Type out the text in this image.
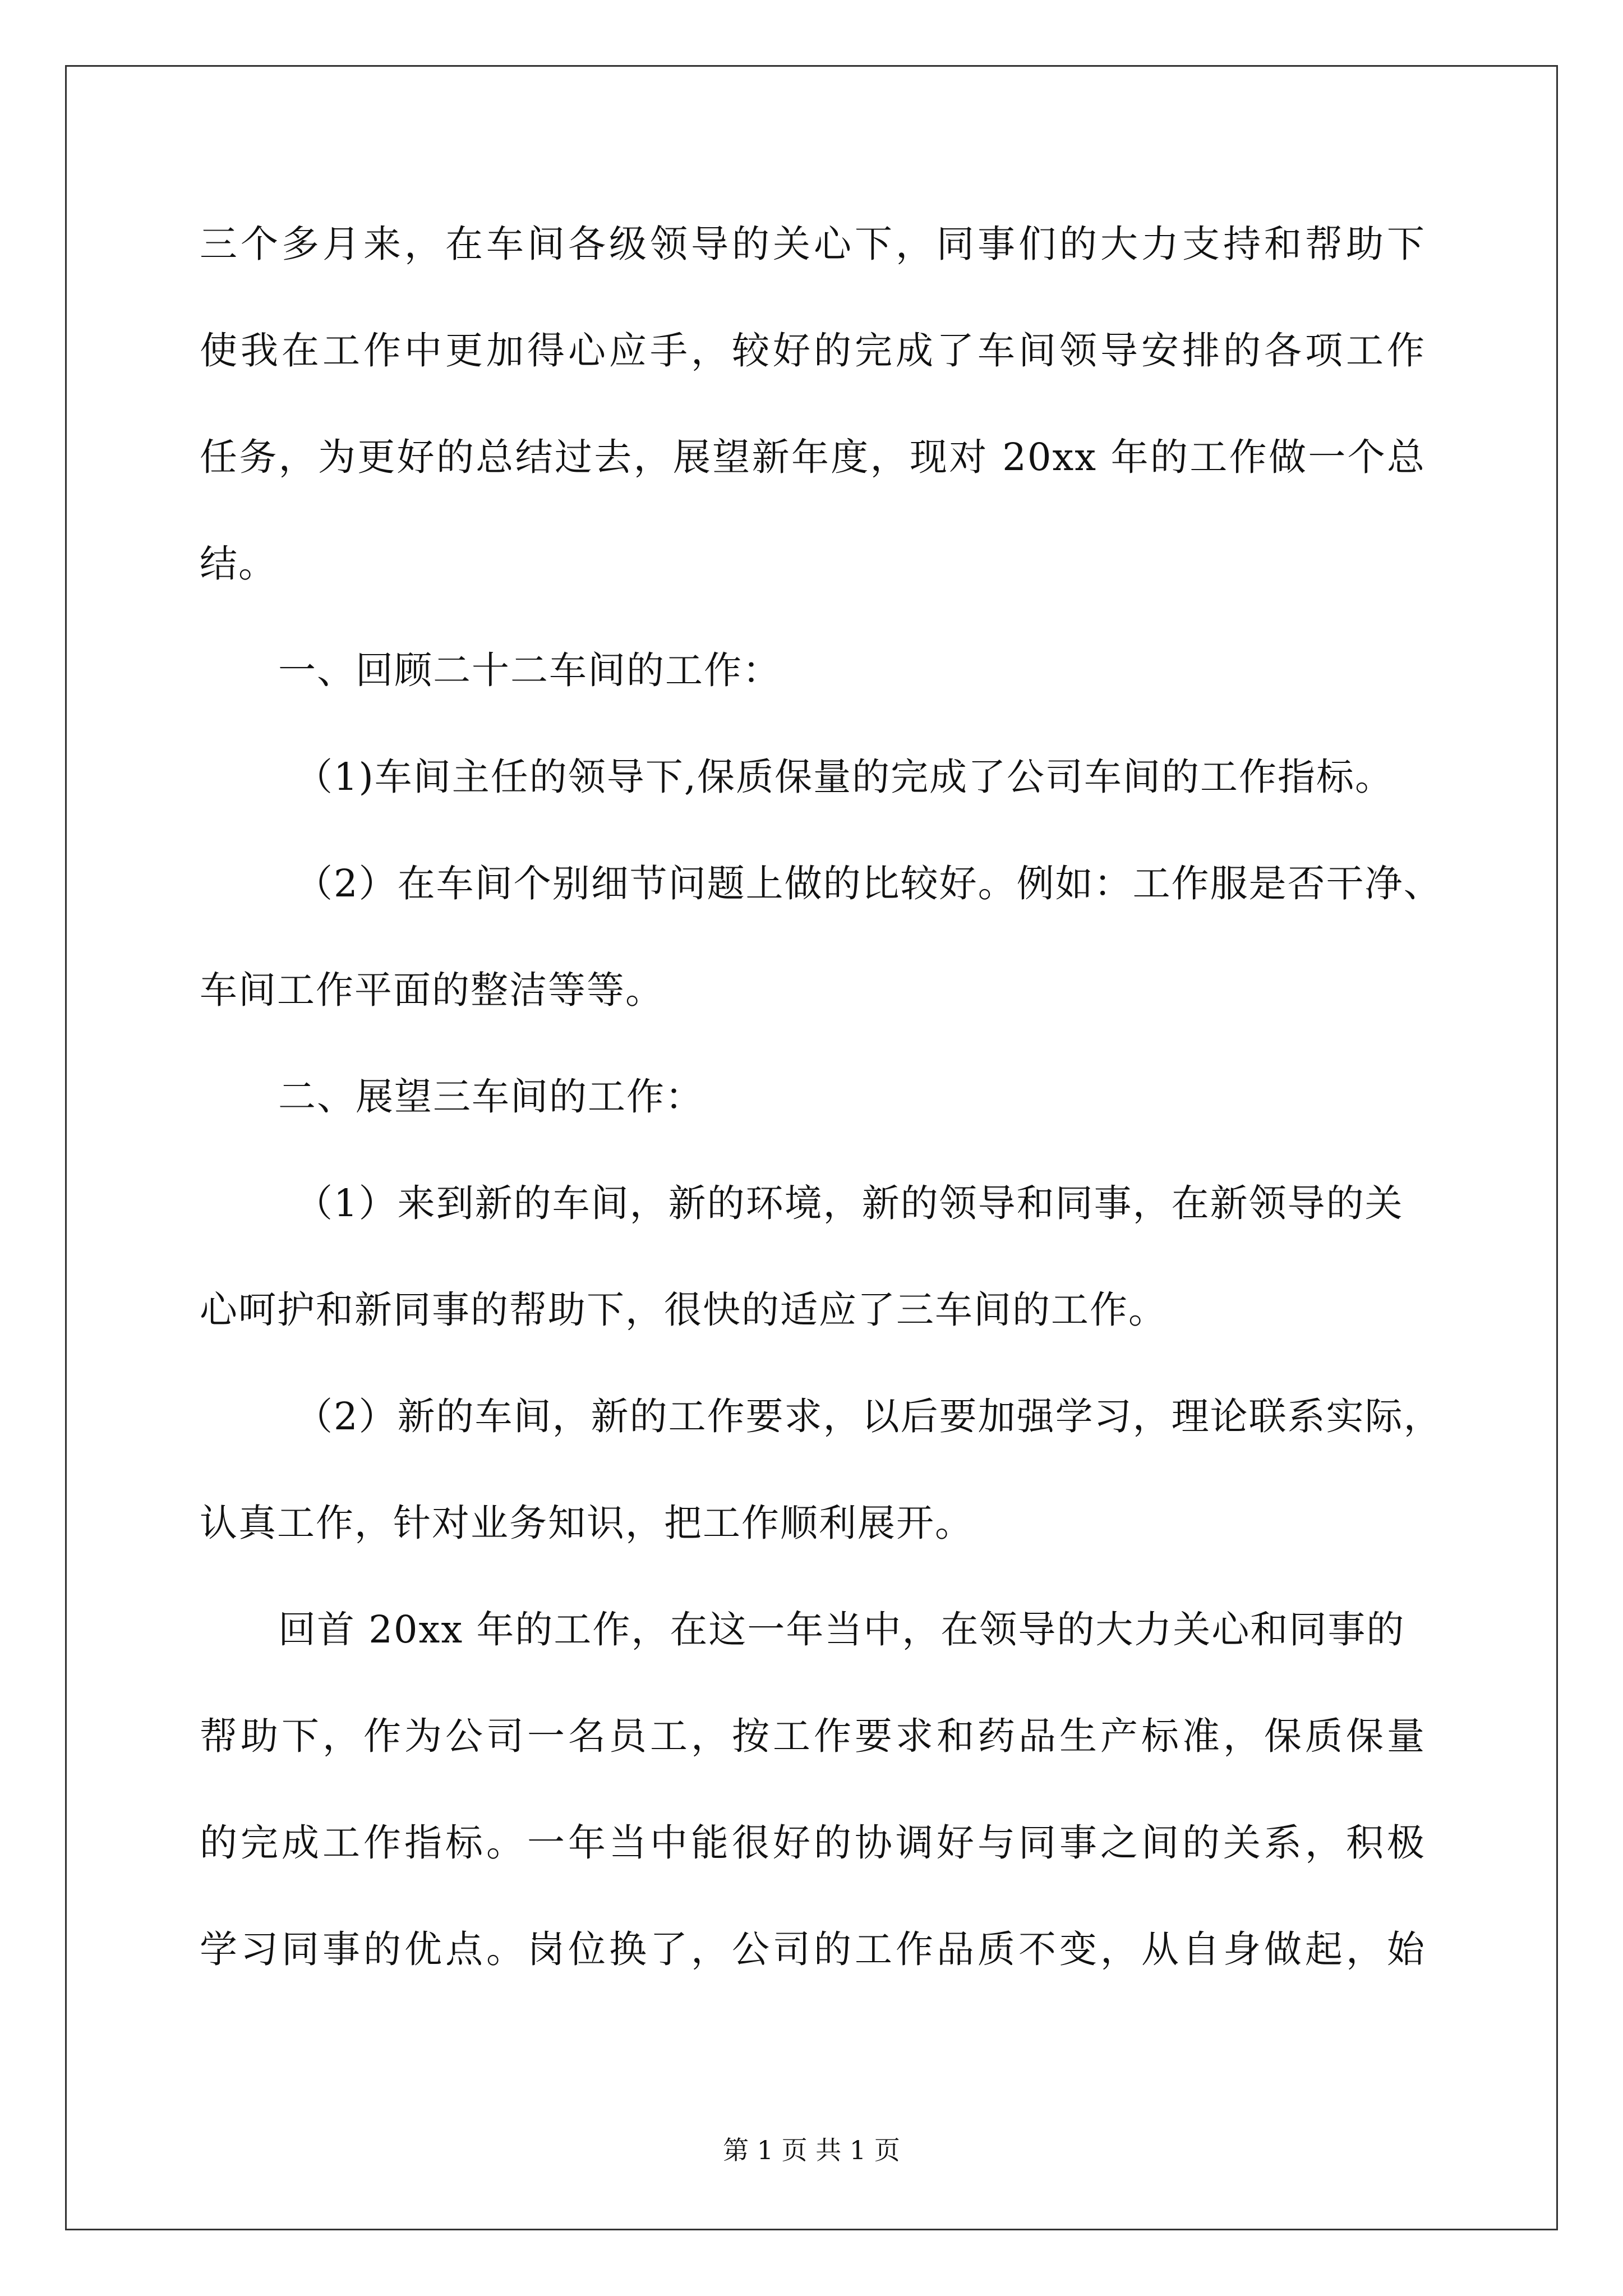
三个多月来，在车间各级领导的关心下，同事们的大力支持和帮助下
使我在工作中更加得心应手，较好的完成了车间领导安排的各项工作
任务，为更好的总结过去，展望新年度，现对 20xx 年的工作做一个总
结。
一、回顾二十二车间的工作：
（1)车间主任的领导下,保质保量的完成了公司车间的工作指标。
（2）在车间个别细节问题上做的比较好。例如：工作服是否干净、
车间工作平面的整洁等等。
二、展望三车间的工作：
（1）来到新的车间，新的环境，新的领导和同事，在新领导的关
心呵护和新同事的帮助下，很快的适应了三车间的工作。
（2）新的车间，新的工作要求，以后要加强学习，理论联系实际，
认真工作，针对业务知识，把工作顺利展开。
回首 20xx 年的工作，在这一年当中，在领导的大力关心和同事的
帮助下，作为公司一名员工，按工作要求和药品生产标准，保质保量
的完成工作指标。一年当中能很好的协调好与同事之间的关系，积极
学习同事的优点。岗位换了，公司的工作品质不变，从自身做起，始
第 1 页 共 1 页
